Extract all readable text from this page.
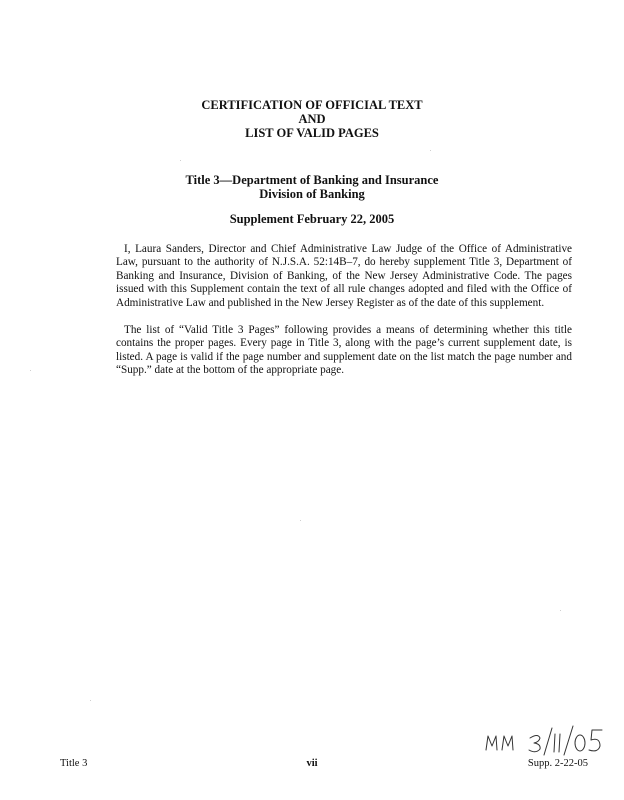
CERTIFICATION OF OFFICIAL TEXT
AND
LIST OF VALID PAGES
Title 3—Department of Banking and Insurance
Division of Banking
Supplement February 22, 2005

I, Laura Sanders, Director and Chief Administrative Law Judge of the Office of Administrative Law, pursuant to the authority of N.J.S.A. 52:14B–7, do hereby supplement Title 3, Department of Banking and Insurance, Division of Banking, of the New Jersey Administrative Code. The pages issued with this Supplement contain the text of all rule changes adopted and filed with the Office of Administrative Law and published in the New Jersey Register as of the date of this supplement.

The list of “Valid Title 3 Pages” following provides a means of determining whether this title contains the proper pages. Every page in Title 3, along with the page’s current supplement date, is listed. A page is valid if the page number and supplement date on the list match the page number and “Supp.” date at the bottom of the appropriate page.

Title 3	vii	Supp. 2-22-05
